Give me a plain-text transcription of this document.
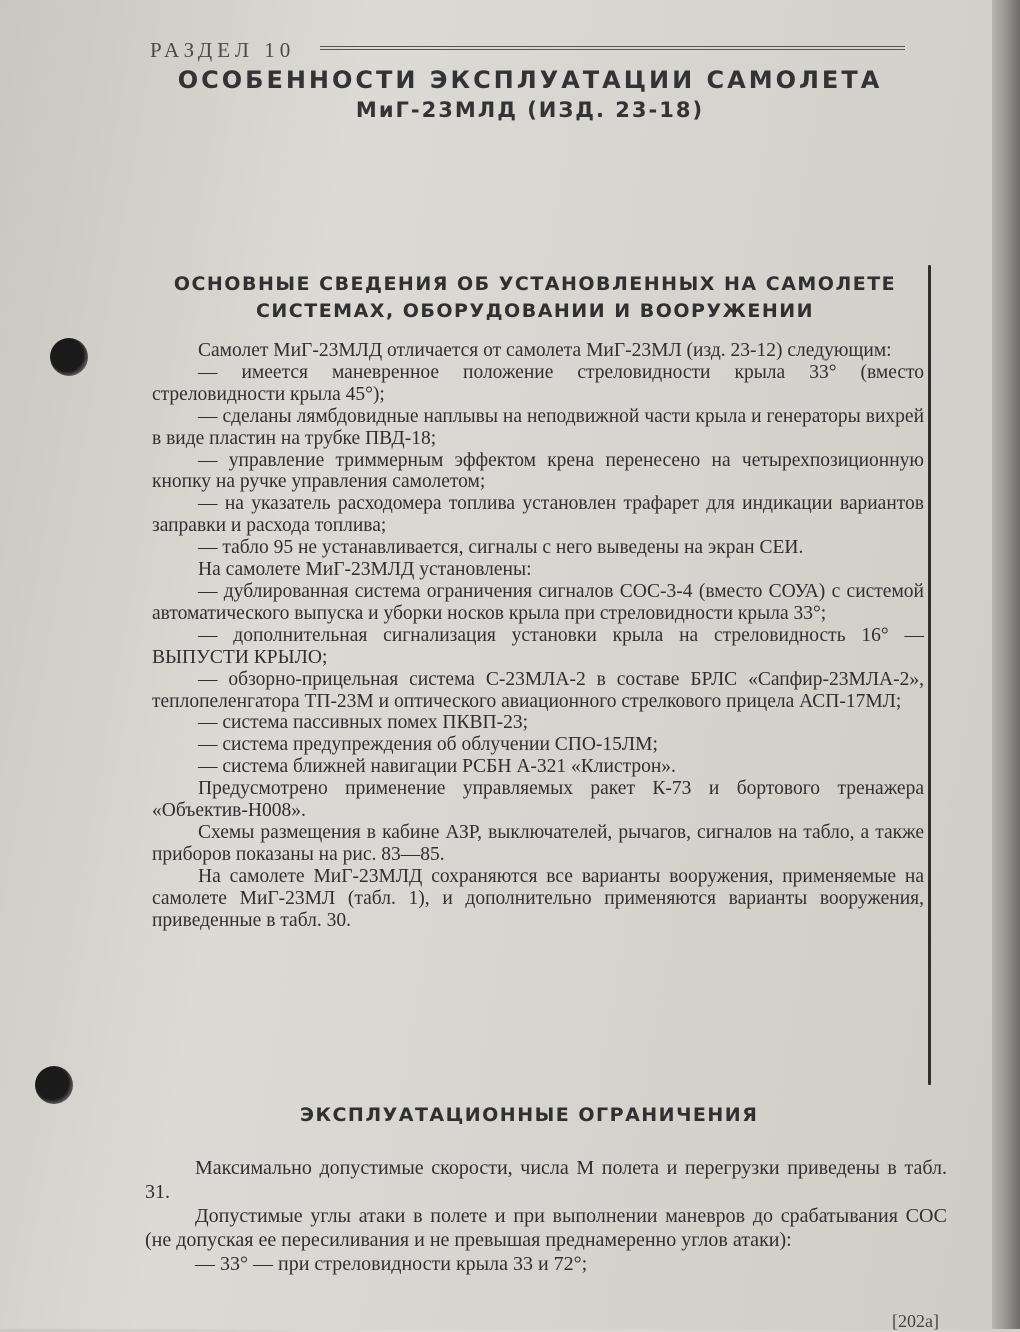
РАЗДЕЛ 10
ОСОБЕННОСТИ ЭКСПЛУАТАЦИИ САМОЛЕТА
МиГ-23МЛД (ИЗД. 23-18)
ОСНОВНЫЕ СВЕДЕНИЯ ОБ УСТАНОВЛЕННЫХ НА САМОЛЕТЕ
СИСТЕМАХ, ОБОРУДОВАНИИ И ВООРУЖЕНИИ

Самолет МиГ-23МЛД отличается от самолета МиГ-23МЛ (изд. 23-12) следующим:

— имеется маневренное положение стреловидности крыла 33° (вместо стреловидности крыла 45°);

— сделаны лямбдовидные наплывы на неподвижной части крыла и генераторы вихрей в виде пластин на трубке ПВД-18;

— управление триммерным эффектом крена перенесено на четырехпозиционную кнопку на ручке управления самолетом;

— на указатель расходомера топлива установлен трафарет для индикации вариантов заправки и расхода топлива;

— табло 95 не устанавливается, сигналы с него выведены на экран СЕИ.

На самолете МиГ-23МЛД установлены:

— дублированная система ограничения сигналов СОС-3-4 (вместо СОУА) с системой автоматического выпуска и уборки носков крыла при стреловидности крыла 33°;

— дополнительная сигнализация установки крыла на стреловидность 16° — ВЫПУСТИ КРЫЛО;

— обзорно-прицельная система С-23МЛА-2 в составе БРЛС «Сапфир-23МЛА-2», теплопеленгатора ТП-23М и оптического авиационного стрелкового прицела АСП-17МЛ;

— система пассивных помех ПКВП-23;

— система предупреждения об облучении СПО-15ЛМ;

— система ближней навигации РСБН А-321 «Клистрон».

Предусмотрено применение управляемых ракет К-73 и бортового тренажера «Объектив-Н008».

Схемы размещения в кабине АЗР, выключателей, рычагов, сигналов на табло, а также приборов показаны на рис. 83—85.

На самолете МиГ-23МЛД сохраняются все варианты вооружения, применяемые на самолете МиГ-23МЛ (табл. 1), и дополнительно применяются варианты вооружения, приведенные в табл. 30.

ЭКСПЛУАТАЦИОННЫЕ ОГРАНИЧЕНИЯ

Максимально допустимые скорости, числа М полета и перегрузки приведены в табл. 31.

Допустимые углы атаки в полете и при выполнении маневров до срабатывания СОС (не допуская ее пересиливания и не превышая преднамеренно углов атаки):

— 33° — при стреловидности крыла 33 и 72°;

[202а]
